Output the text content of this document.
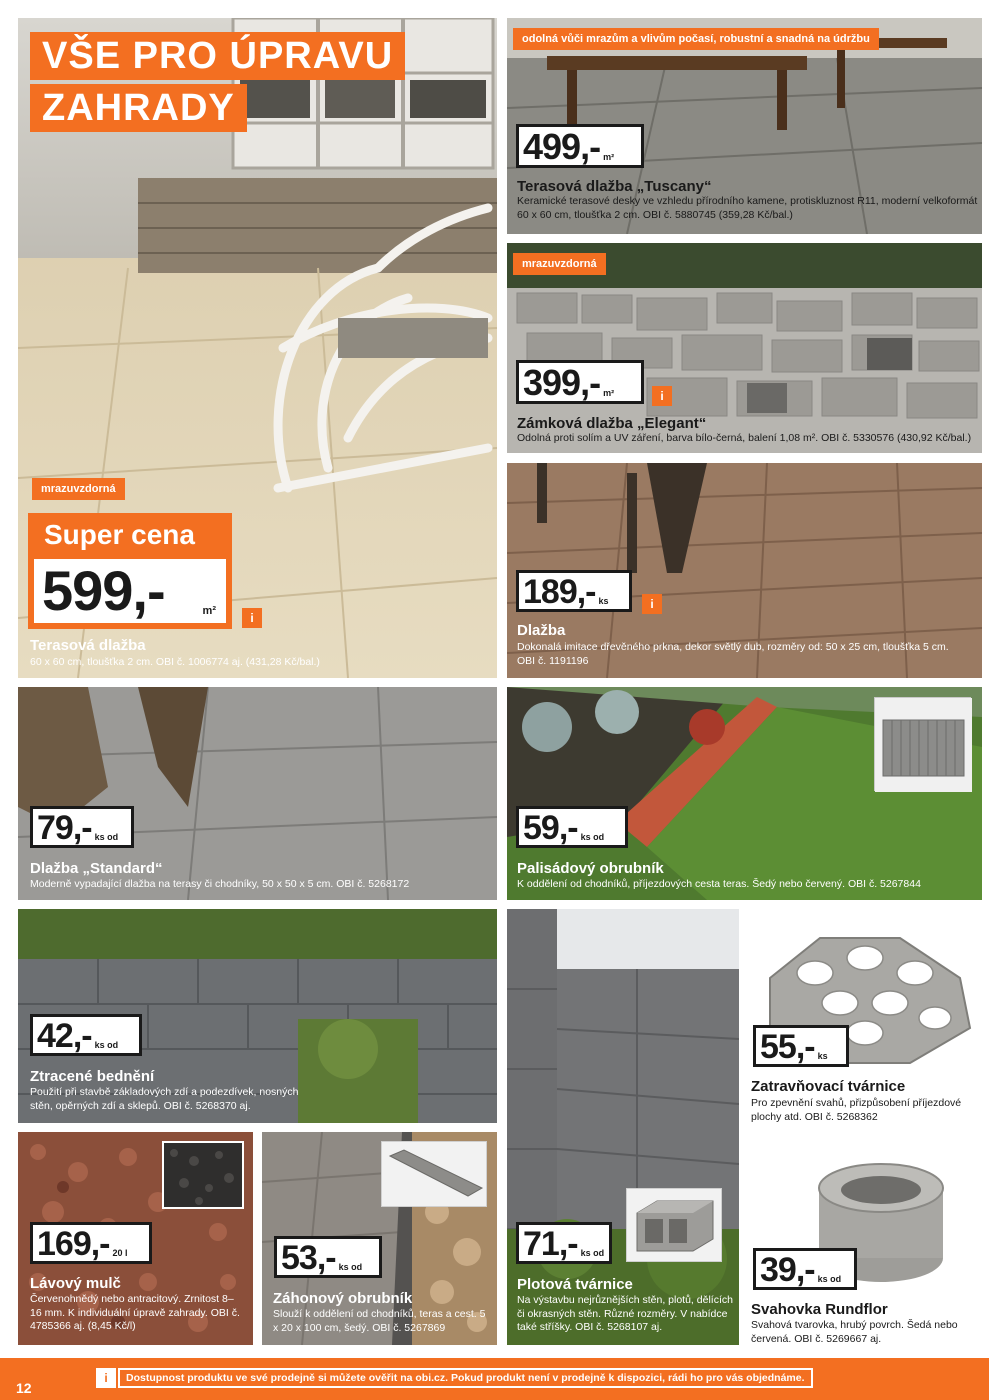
mrazuvzdorná
VŠE PRO ÚPRAVU
ZAHRADY
Super cena
599,-	m²	i
Terasová dlažba
60 x 60 cm, tloušťka 2 cm. OBI č. 1006774 aj. (431,28 Kč/bal.)
odolná vůči mrazům a vlivům počasí, robustní a snadná na údržbu
499,- m²
Terasová dlažba „Tuscany“
Keramické terasové desky ve vzhledu přírodního kamene, protiskluznost R11, moderní velkoformát 60 x 60 cm, tloušťka 2 cm. OBI č. 5880745 (359,28 Kč/bal.)
mrazuvzdorná
399,- m²	i
Zámková dlažba „Elegant“
Odolná proti solím a UV záření, barva bílo-černá, balení 1,08 m². OBI č. 5330576 (430,92 Kč/bal.)
189,- ks	i
Dlažba
Dokonalá imitace dřevěného prkna, dekor světlý dub, rozměry od: 50 x 25 cm, tloušťka 5 cm. OBI č. 1191196
79,- ks od
Dlažba „Standard“
Moderně vypadající dlažba na terasy či chodníky, 50 x 50 x 5 cm. OBI č. 5268172
59,- ks od
Palisádový obrubník
K oddělení od chodníků, příjezdových cesta teras. Šedý nebo červený. OBI č. 5267844
42,- ks od
Ztracené bednění
Použití při stavbě základových zdí a podezdívek, nosných stěn, opěrných zdí a sklepů. OBI č. 5268370 aj.
55,- ks
Zatravňovací tvárnice
Pro zpevnění svahů, přizpůsobení příjezdové plochy atd. OBI č. 5268362
169,- 20 l
Lávový mulč
Červenohnědý nebo antracitový. Zrnitost 8–16 mm. K individuální úpravě zahrady. OBI č. 4785366 aj. (8,45 Kč/l)
53,- ks od
Záhonový obrubník
Slouží k oddělení od chodníků, teras a cest. 5 x 20 x 100 cm, šedý. OBI č. 5267869
71,- ks od
Plotová tvárnice
Na výstavbu nejrůznějších stěn, plotů, dělících či okrasných stěn. Různé rozměry. V nabídce také stříšky. OBI č. 5268107 aj.
39,- ks od
Svahovka Rundflor
Svahová tvarovka, hrubý povrch. Šedá nebo červená. OBI č. 5269667 aj.
i	Dostupnost produktu ve své prodejně si můžete ověřit na obi.cz. Pokud produkt není v prodejně k dispozici, rádi ho pro vás objednáme.
12
